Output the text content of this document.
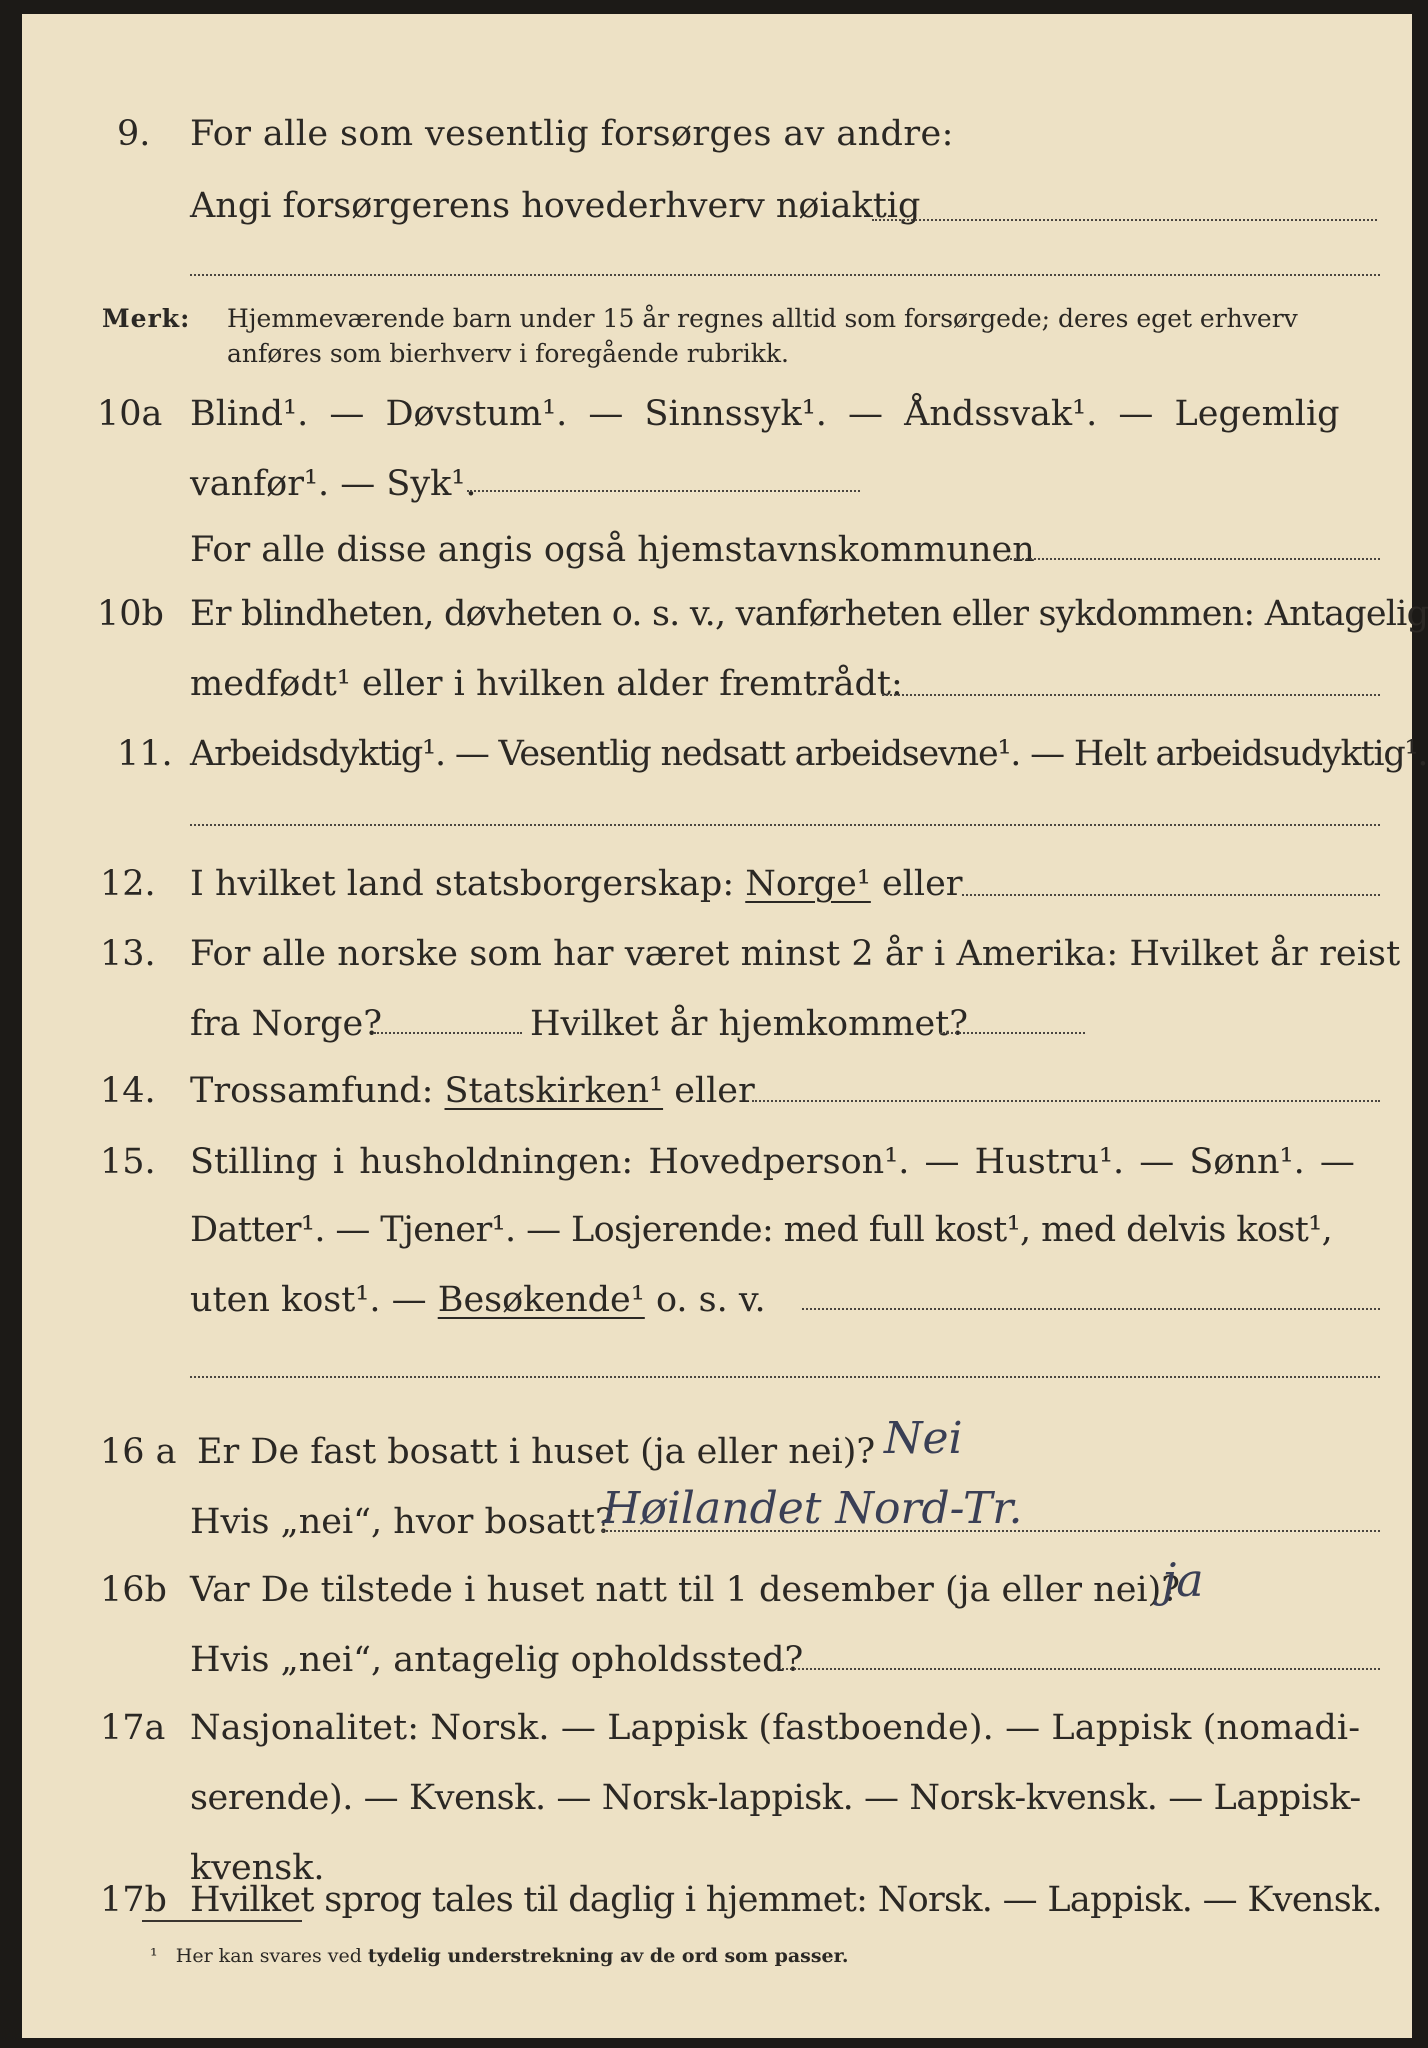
9. For alle som vesentlig forsørges av andre:
Angi forsørgerens hovederhverv nøiaktig
Merk: Hjemmeværende barn under 15 år regnes alltid som forsørgede; deres eget erhverv
anføres som bierhverv i foregående rubrikk.
10a Blind¹. — Døvstum¹. — Sinnssyk¹. — Åndssvak¹. — Legemlig
vanfør¹. — Syk¹.
For alle disse angis også hjemstavnskommunen
10b Er blindheten, døvheten o. s. v., vanførheten eller sykdommen: Antagelig
medfødt¹ eller i hvilken alder fremtrådt:
11. Arbeidsdyktig¹. — Vesentlig nedsatt arbeidsevne¹. — Helt arbeidsudyktig¹.
12. I hvilket land statsborgerskap: Norge¹ eller
13. For alle norske som har været minst 2 år i Amerika: Hvilket år reist
fra Norge?	Hvilket år hjemkommet?
14. Trossamfund: Statskirken¹ eller
15. Stilling i husholdningen: Hovedperson¹. — Hustru¹. — Sønn¹. —
Datter¹. — Tjener¹. — Losjerende: med full kost¹, med delvis kost¹,
uten kost¹. — Besøkende¹ o. s. v.
16 a Er De fast bosatt i huset (ja eller nei)? Nei
Hvis „nei“, hvor bosatt?
Høilandet Nord-Tr.
16b Var De tilstede i huset natt til 1 desember (ja eller nei)?
ja
Hvis „nei“, antagelig opholdssted?
17a Nasjonalitet: Norsk. — Lappisk (fastboende). — Lappisk (nomadi-
serende). — Kvensk. — Norsk-lappisk. — Norsk-kvensk. — Lappisk-
kvensk.
17b Hvilket sprog tales til daglig i hjemmet: Norsk. — Lappisk. — Kvensk.
¹ Her kan svares ved tydelig understrekning av de ord som passer.
